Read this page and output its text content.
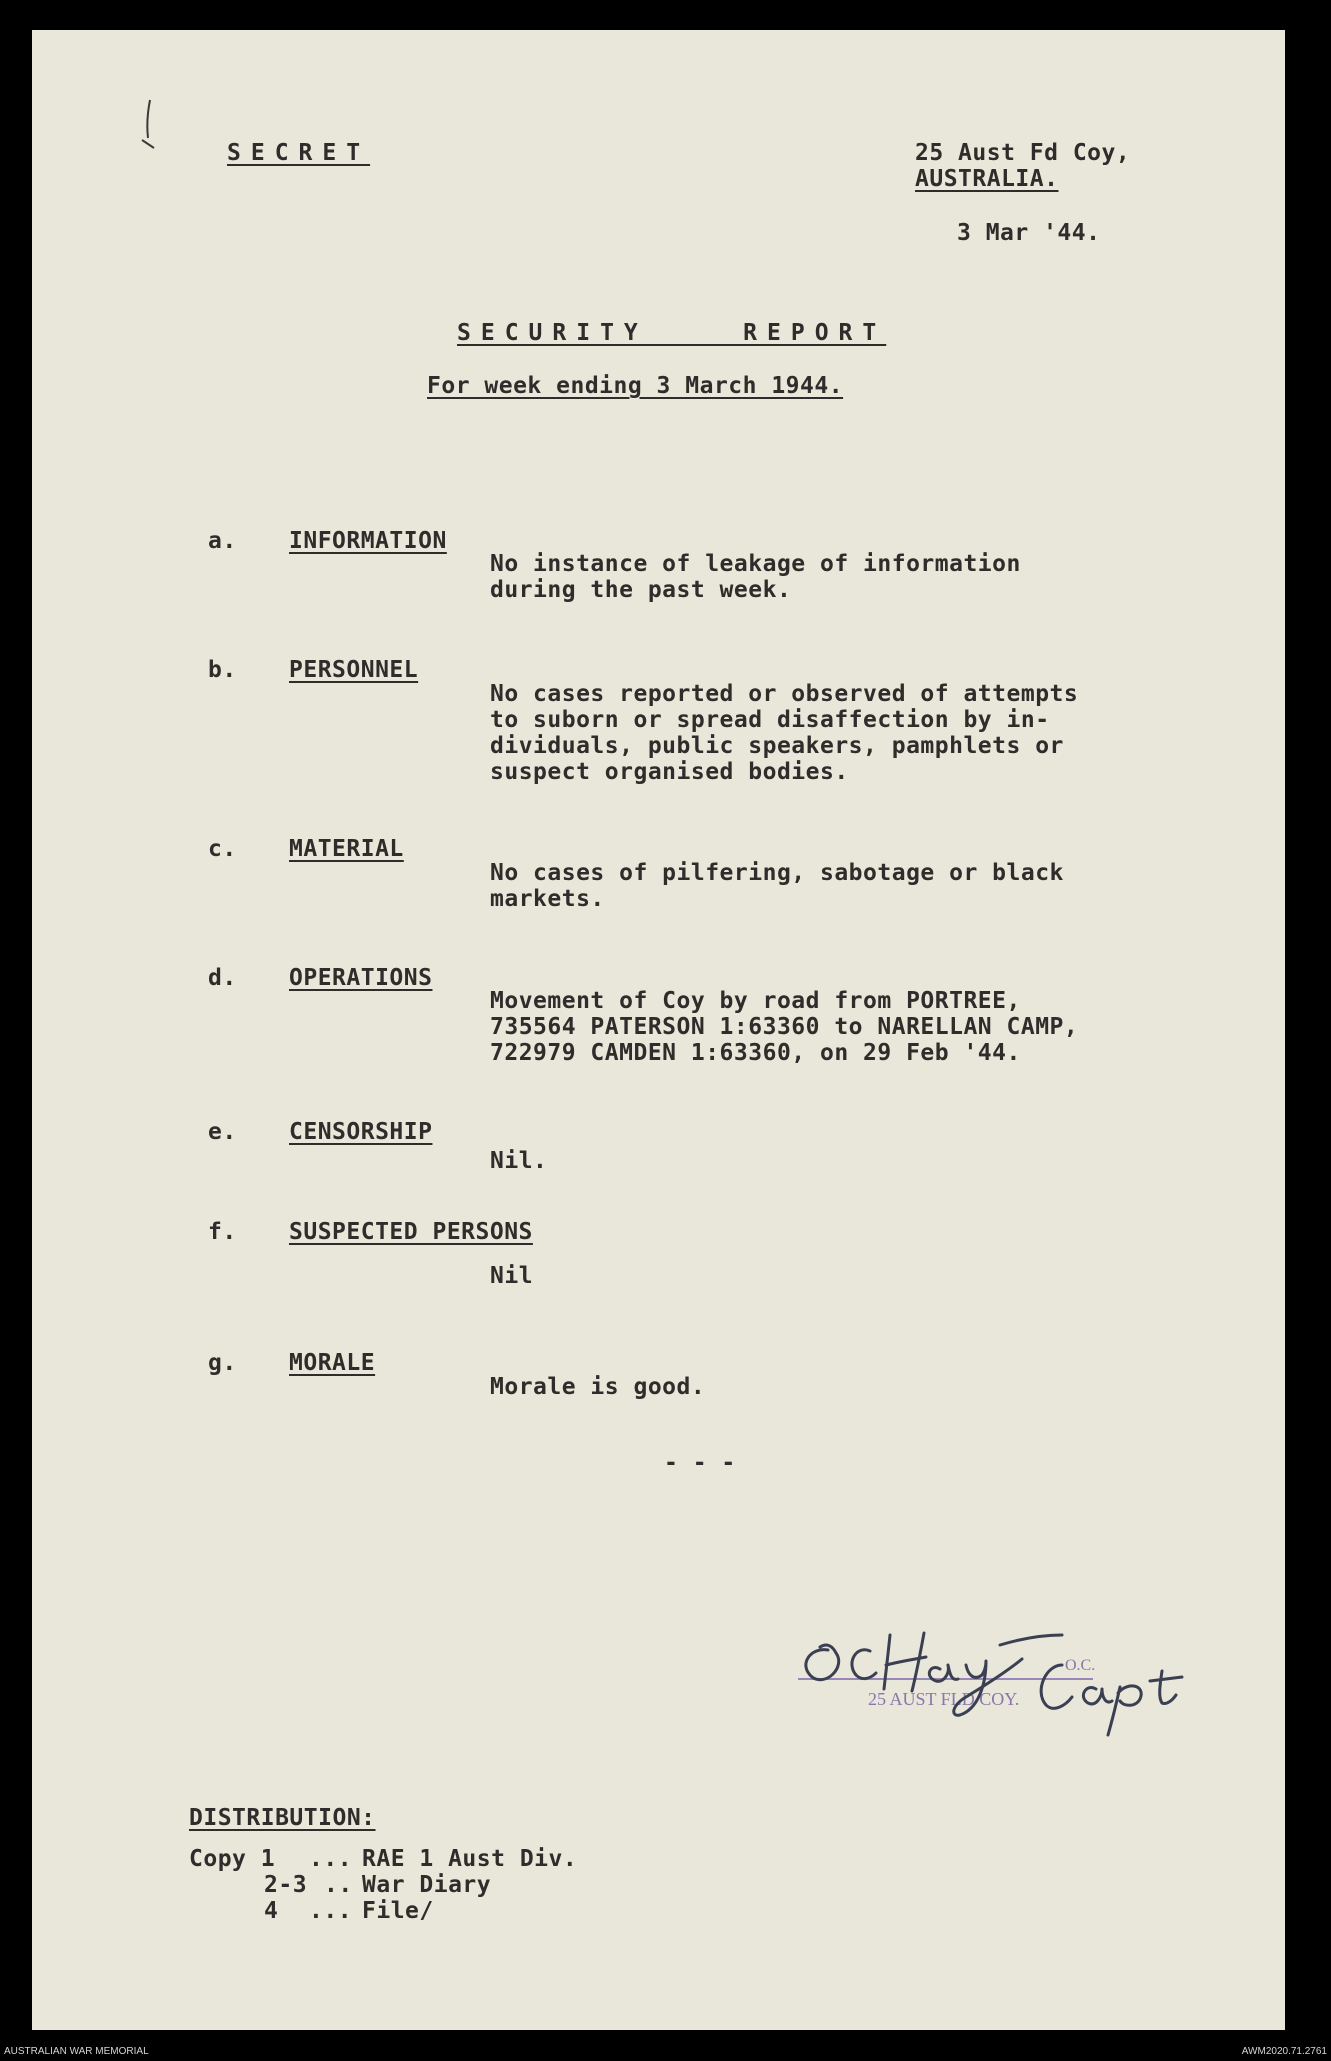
SECRET	25 Aust Fd Coy,
AUSTRALIA.
3 Mar '44.
SECURITY    REPORT
For week ending 3 March 1944.
a. INFORMATION
No instance of leakage of information
during the past week.
b. PERSONNEL
No cases reported or observed of attempts
to suborn or spread disaffection by in-
dividuals, public speakers, pamphlets or
suspect organised bodies.
c. MATERIAL
No cases of pilfering, sabotage or black
markets.
d. OPERATIONS
Movement of Coy by road from PORTREE,
735564 PATERSON 1:63360 to NARELLAN CAMP,
722979 CAMDEN 1:63360, on 29 Feb '44.
e. CENSORSHIP
Nil.
f. SUSPECTED PERSONS
Nil
g. MORALE
Morale is good.
- - -
DISTRIBUTION:
Copy 1 ... RAE 1 Aust Div.
2-3 .. War Diary
4 ... File/
25 AUST FLD COY.
O.C.
AUSTRALIAN WAR MEMORIAL	AWM2020.71.2761
